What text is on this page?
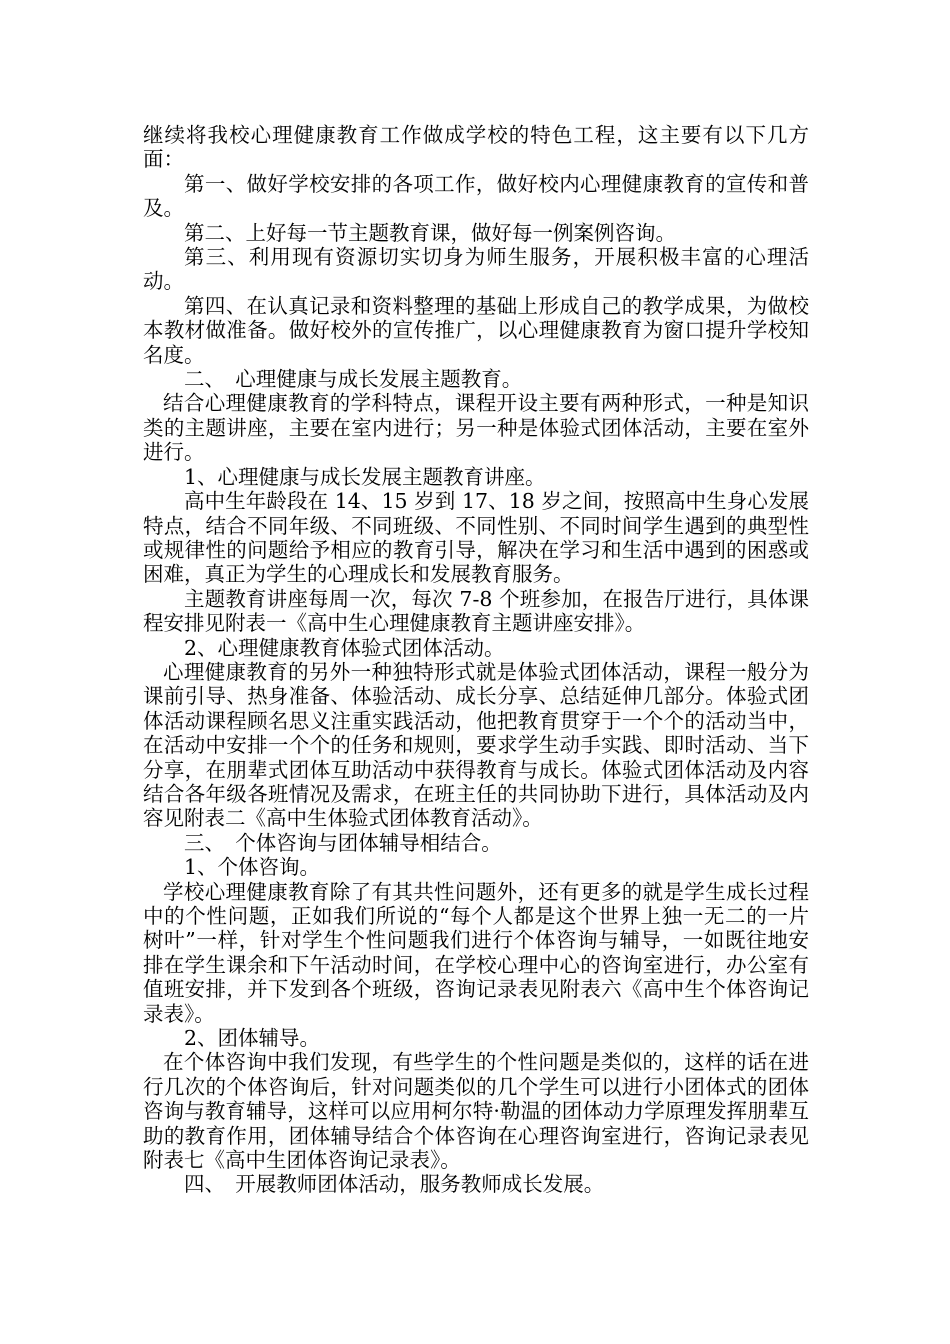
继续将我校心理健康教育工作做成学校的特色工程，这主要有以下几方面：

第一、做好学校安排的各项工作，做好校内心理健康教育的宣传和普及。

第二、上好每一节主题教育课，做好每一例案例咨询。

第三、利用现有资源切实切身为师生服务，开展积极丰富的心理活动。

第四、在认真记录和资料整理的基础上形成自己的教学成果，为做校本教材做准备。做好校外的宣传推广，以心理健康教育为窗口提升学校知名度。

二、　心理健康与成长发展主题教育。

结合心理健康教育的学科特点，课程开设主要有两种形式，一种是知识类的主题讲座，主要在室内进行；另一种是体验式团体活动，主要在室外进行。

1、心理健康与成长发展主题教育讲座。

高中生年龄段在 14、15 岁到 17、18 岁之间，按照高中生身心发展特点，结合不同年级、不同班级、不同性别、不同时间学生遇到的典型性或规律性的问题给予相应的教育引导，解决在学习和生活中遇到的困惑或困难，真正为学生的心理成长和发展教育服务。

主题教育讲座每周一次，每次 7-8 个班参加，在报告厅进行，具体课程安排见附表一《高中生心理健康教育主题讲座安排》。

2、心理健康教育体验式团体活动。

心理健康教育的另外一种独特形式就是体验式团体活动，课程一般分为课前引导、热身准备、体验活动、成长分享、总结延伸几部分。体验式团体活动课程顾名思义注重实践活动，他把教育贯穿于一个个的活动当中，在活动中安排一个个的任务和规则，要求学生动手实践、即时活动、当下分享，在朋辈式团体互助活动中获得教育与成长。体验式团体活动及内容结合各年级各班情况及需求，在班主任的共同协助下进行，具体活动及内容见附表二《高中生体验式团体教育活动》。

三、　个体咨询与团体辅导相结合。

1、个体咨询。

学校心理健康教育除了有其共性问题外，还有更多的就是学生成长过程中的个性问题，正如我们所说的“每个人都是这个世界上独一无二的一片树叶”一样，针对学生个性问题我们进行个体咨询与辅导，一如既往地安排在学生课余和下午活动时间，在学校心理中心的咨询室进行，办公室有值班安排，并下发到各个班级，咨询记录表见附表六《高中生个体咨询记录表》。

2、团体辅导。

在个体咨询中我们发现，有些学生的个性问题是类似的，这样的话在进行几次的个体咨询后，针对问题类似的几个学生可以进行小团体式的团体咨询与教育辅导，这样可以应用柯尔特·勒温的团体动力学原理发挥朋辈互助的教育作用，团体辅导结合个体咨询在心理咨询室进行，咨询记录表见附表七《高中生团体咨询记录表》。

四、　开展教师团体活动，服务教师成长发展。
